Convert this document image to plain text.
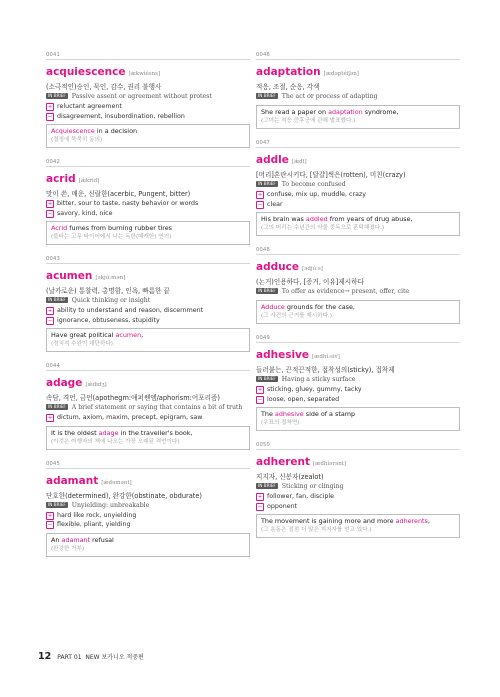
0041
acquiescence [ӕkwiésns]
(소극적인)승인, 묵인, 감수, 권리 불행사
IN BRIEF Passive assent or agreement without protest
+ reluctant agreement
− disagreement, insubordination, rebellion
Acquiescence in a decision
(결정에 묵묵히 동의)
0042
acrid [ǽkrid]
맛이 쓴, 매운, 신랄한(acerbic, Pungent, bitter)
+ bitter, sour to taste, nasty behavior or words
− savory, kind, nice
Acrid fumes from burning rubber tires
(불타는 고무 타이어에서 나는 독한(매캐한) 연기)
0043
acumen [əkjúːmən]
(날카로운) 통찰력, 총명함, 인욕, 빠름한 끝
IN BRIEF Quick thinking or insight
+ ability to understand and reason, discernment
− ignorance, obtuseness, stupidity
Have great political acumen,
(정치적 수완이 대단하다)
0044
adage [ǽdidʒ]
속담, 격언, 금언(apothegm:애퍼쎈엠/aphorism:어포리즘)
IN BRIEF A brief statement or saying that contains a bit of truth
+ dictum, axiom, maxim, precept, epigram, saw
It is the oldest adage in the traveller's book,
(이것은 여행자의 책에 나오는 가장 오래된 격언이다)
0045
adamant [ǽdəmənt]
단호한(determined), 완강한(obstinate, obdurate)
IN BRIEF Unyielding: unbreakable
+ hard like rock, unyielding
− flexible, pliant, yielding
An adamant refusal
(완강한 거부)
0046
adaptation [ӕdəptéiʃən]
적응, 조절, 순응, 각색
IN BRIEF The act or process of adapting
She read a paper on adaptation syndrome,
(그녀는 적응 증후군에 관해 발표했다.)
0047
addle [ǽdl]
[머리]혼란시키다, [달걀]썩은(rotten), 미친(crazy)
IN BRIEF To become confused
+ confuse, mix up, muddle, crazy
− clear
His brain was addled from years of drug abuse,
(그의 머리는 수년간의 약물 중독으로 혼탁해졌다.)
0048
adduce [ədjúːs]
(논거)인용하다, [증거, 이유]제시하다
IN BRIEF To offer as evidence→ present, offer, cite
Adduce grounds for the case,
(그 사건의 근거를 제시하다.)
0049
adhesive [ædhíːsiv]
들러붙는, 끈적끈적한, 접착성의(sticky), 접착제
IN BRIEF Having a sticky surface
+ sticking, gluey, gummy, tacky
− loose, open, separated
The adhesive side of a stamp
(우표의 접착면)
0050
adherent [ædhíərənt]
지지자, 신봉자(zealot)
IN BRIEF Sticking or clinging
+ follower, fan, disciple
− opponent
The movement is gaining more and more adherents,
(그 운동은 점점 더 많은 지지자를 얻고 있다.)
12 PART 01 NEW 보카니오 적중편
